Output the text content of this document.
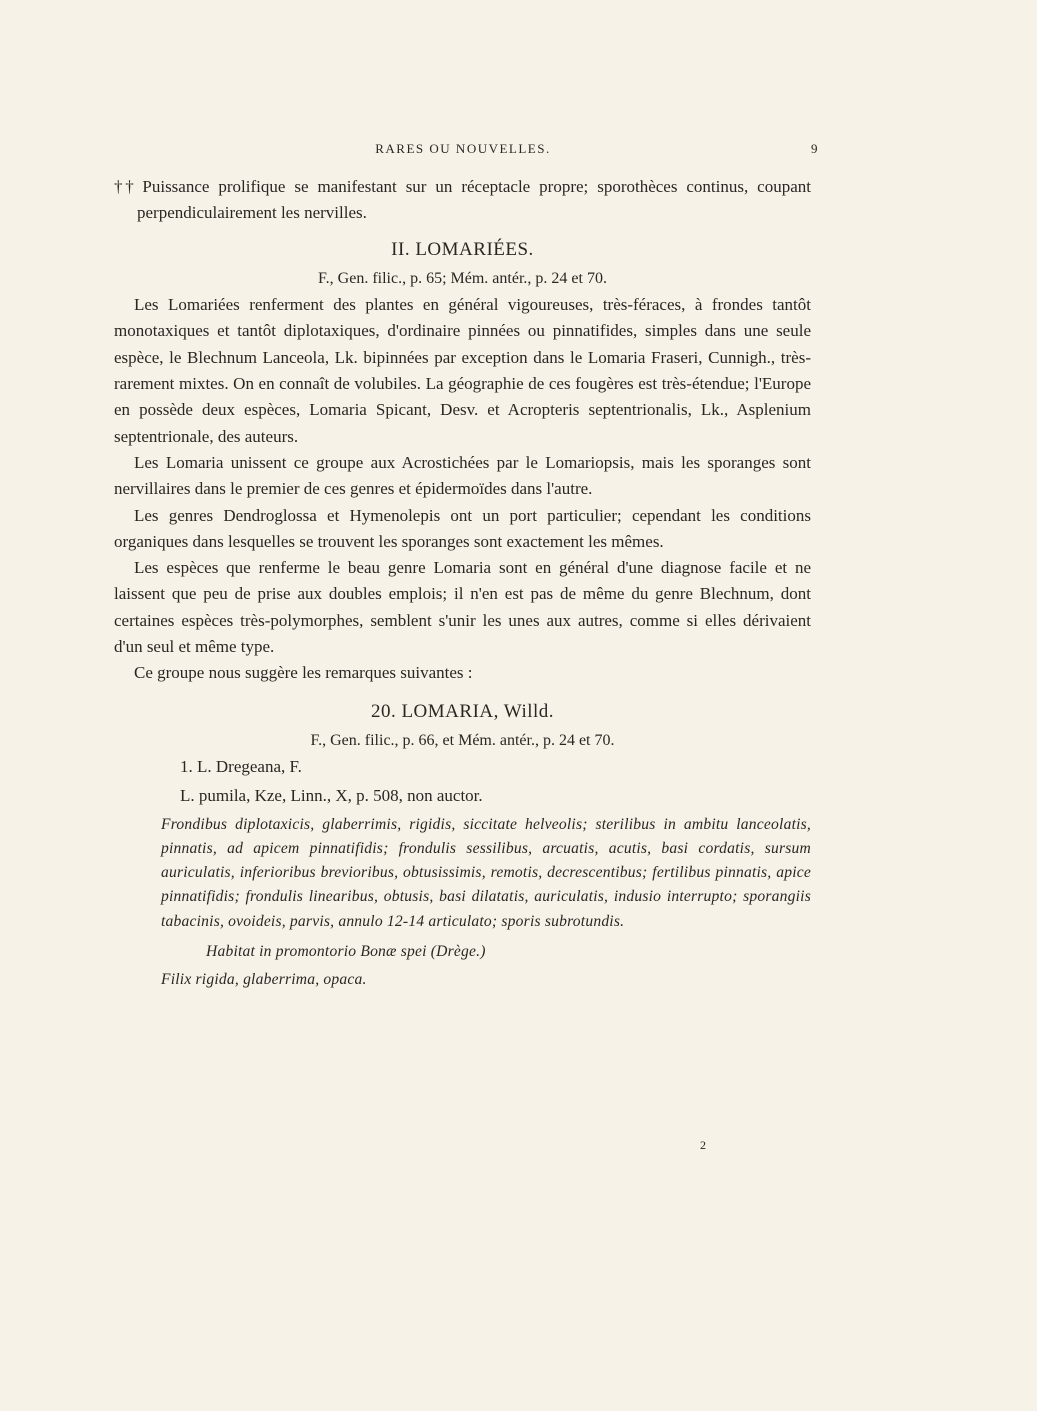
RARES OU NOUVELLES.	9

†† Puissance prolifique se manifestant sur un réceptacle propre; sporothèces continus, coupant perpendiculairement les nervilles.

II. LOMARIÉES.

F., Gen. filic., p. 65; Mém. antér., p. 24 et 70.

Les Lomariées renferment des plantes en général vigoureuses, très-féraces, à frondes tantôt monotaxiques et tantôt diplotaxiques, d'ordinaire pinnées ou pinnatifides, simples dans une seule espèce, le Blechnum Lanceola, Lk. bipinnées par exception dans le Lomaria Fraseri, Cunnigh., très-rarement mixtes. On en connaît de volubiles. La géographie de ces fougères est très-étendue; l'Europe en possède deux espèces, Lomaria Spicant, Desv. et Acropteris septentrionalis, Lk., Asplenium septentrionale, des auteurs.

Les Lomaria unissent ce groupe aux Acrostichées par le Lomariopsis, mais les sporanges sont nervillaires dans le premier de ces genres et épidermoïdes dans l'autre.

Les genres Dendroglossa et Hymenolepis ont un port particulier; cependant les conditions organiques dans lesquelles se trouvent les sporanges sont exactement les mêmes.

Les espèces que renferme le beau genre Lomaria sont en général d'une diagnose facile et ne laissent que peu de prise aux doubles emplois; il n'en est pas de même du genre Blechnum, dont certaines espèces très-polymorphes, semblent s'unir les unes aux autres, comme si elles dérivaient d'un seul et même type.

Ce groupe nous suggère les remarques suivantes :

20. LOMARIA, Willd.

F., Gen. filic., p. 66, et Mém. antér., p. 24 et 70.

1. L. Dregeana, F.

L. pumila, Kze, Linn., X, p. 508, non auctor.

Frondibus diplotaxicis, glaberrimis, rigidis, siccitate helveolis; sterilibus in ambitu lanceolatis, pinnatis, ad apicem pinnatifidis; frondulis sessilibus, arcuatis, acutis, basi cordatis, sursum auriculatis, inferioribus brevioribus, obtusissimis, remotis, decrescentibus; fertilibus pinnatis, apice pinnatifidis; frondulis linearibus, obtusis, basi dilatatis, auriculatis, indusio interrupto; sporangiis tabacinis, ovoideis, parvis, annulo 12-14 articulato; sporis subrotundis.

Habitat in promontorio Bonæ spei (Drège.)

Filix rigida, glaberrima, opaca.

2
